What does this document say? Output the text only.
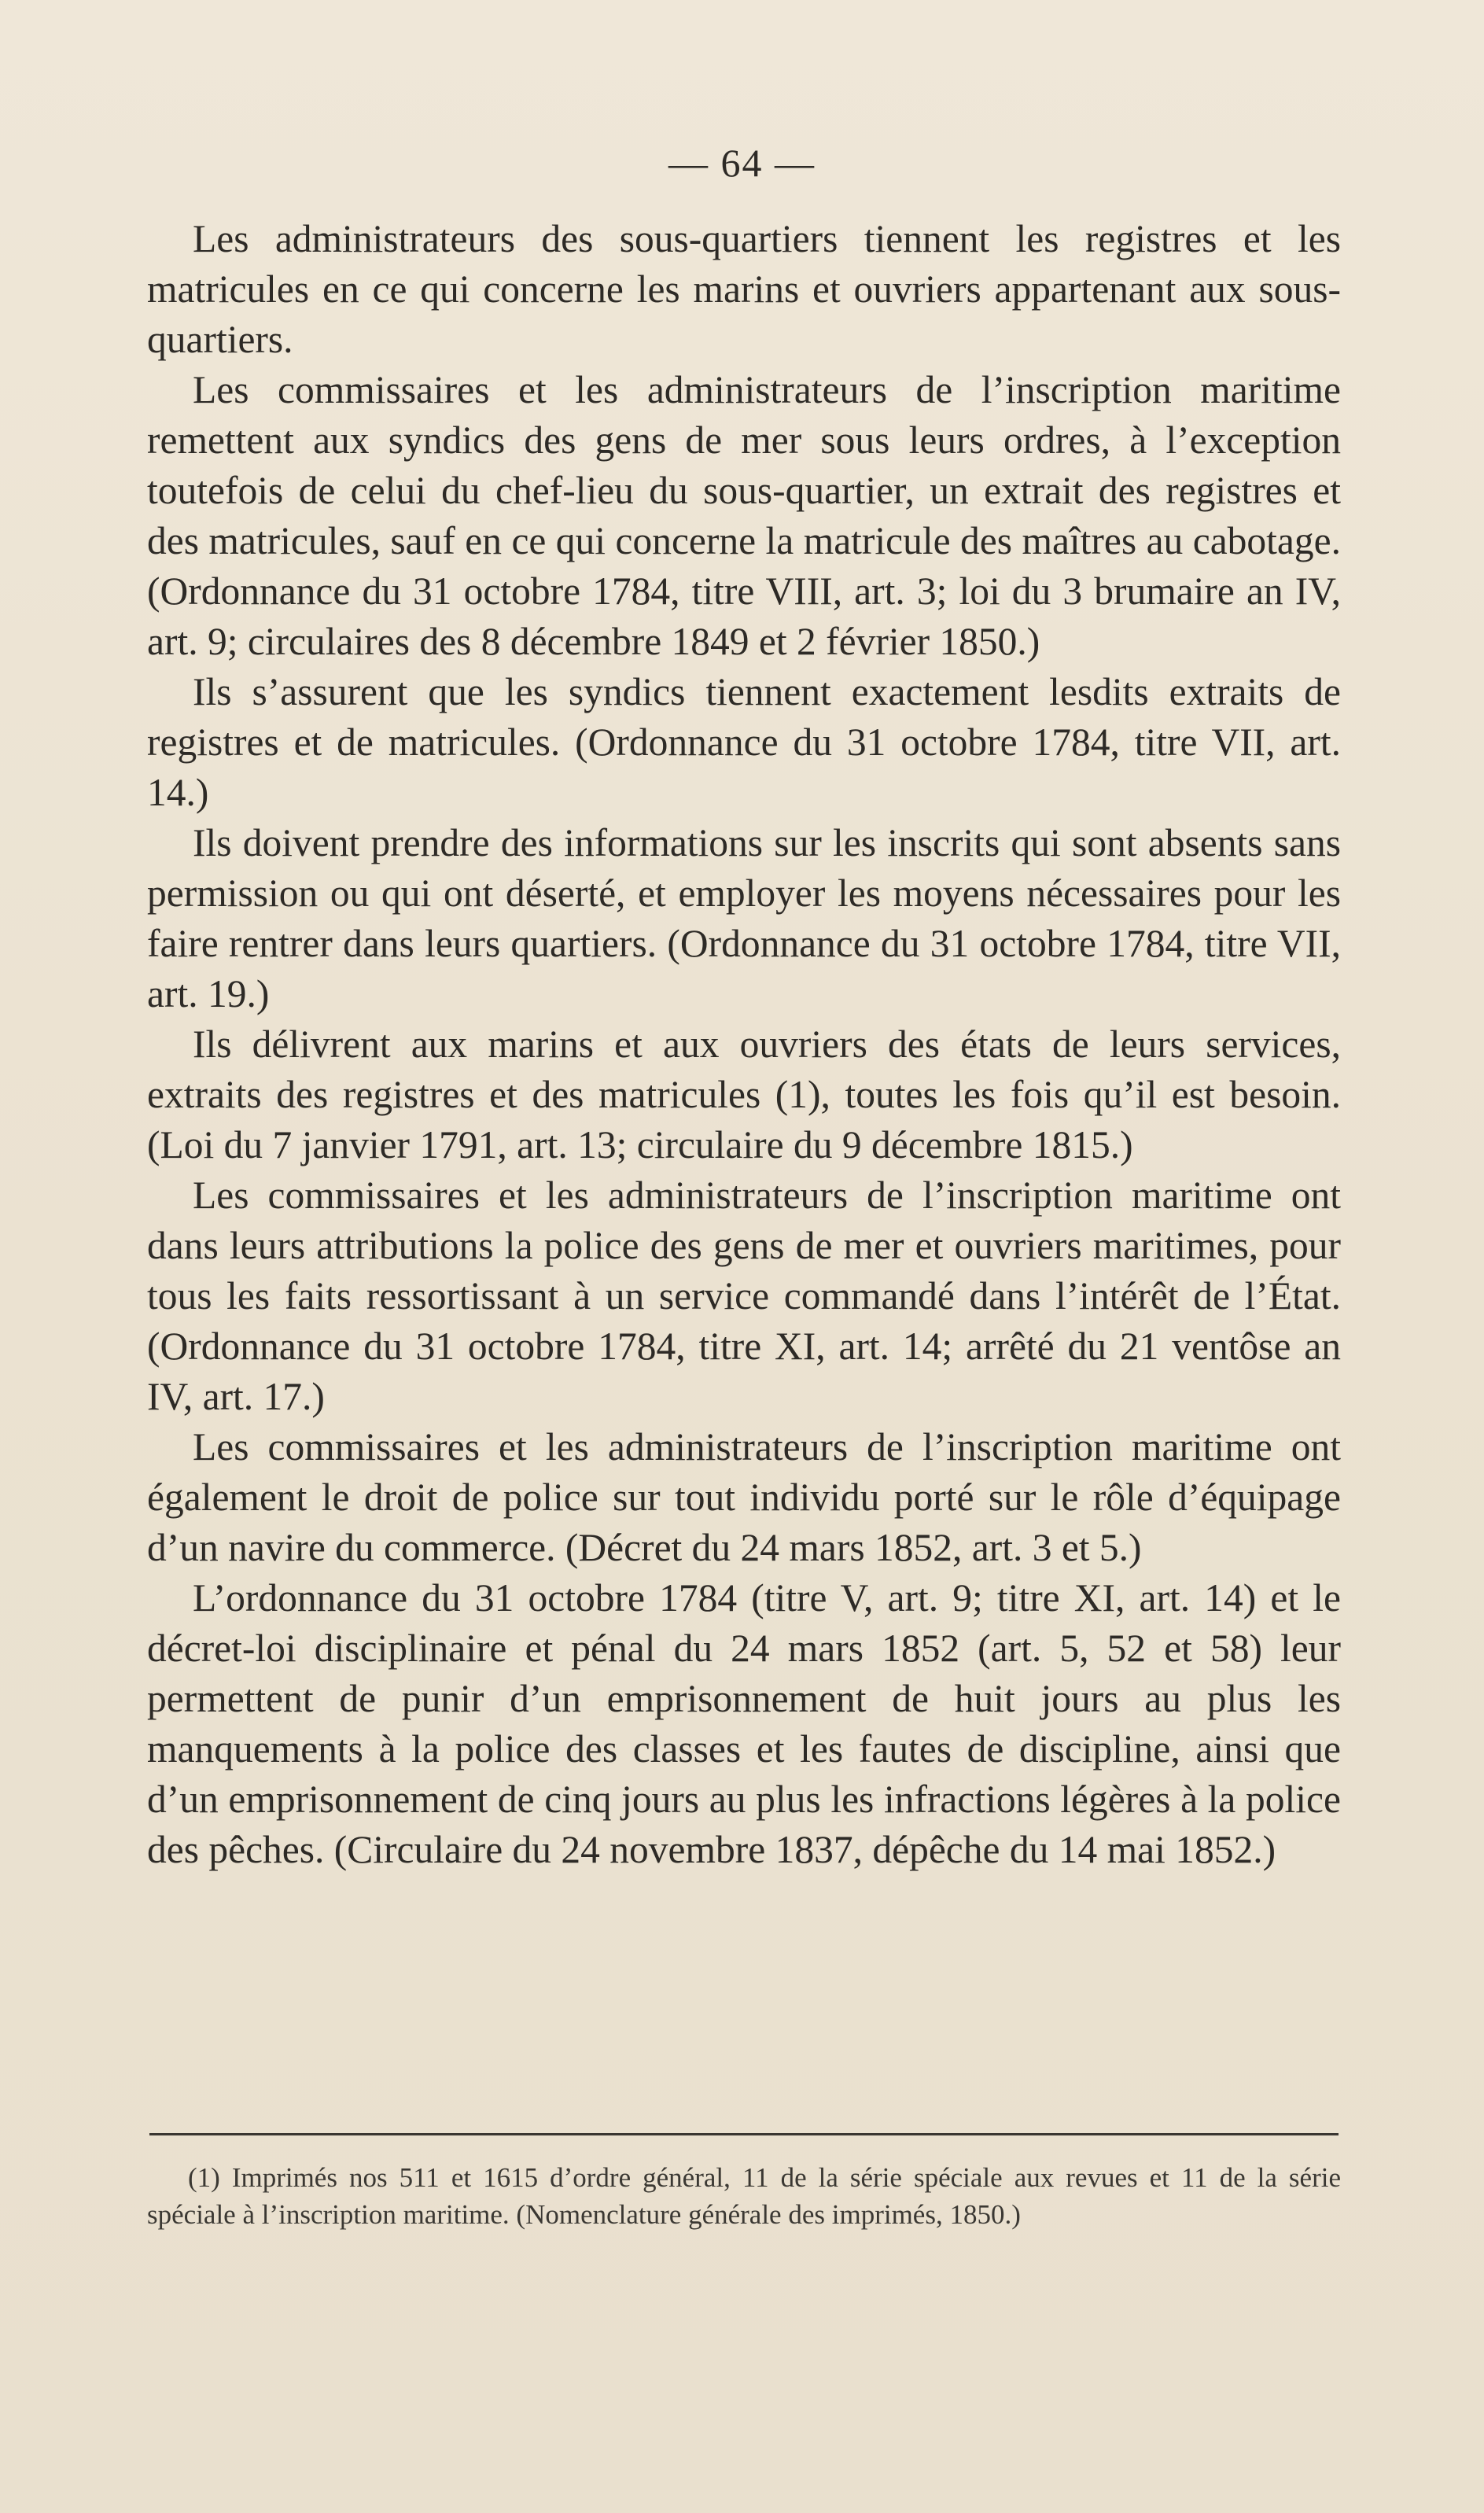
— 64 —

Les administrateurs des sous-quartiers tiennent les registres et les matricules en ce qui concerne les marins et ouvriers appartenant aux sous-quartiers.

Les commissaires et les administrateurs de l’inscription maritime remettent aux syndics des gens de mer sous leurs ordres, à l’exception toutefois de celui du chef-lieu du sous-quartier, un extrait des registres et des matricules, sauf en ce qui concerne la matricule des maîtres au cabotage. (Ordonnance du 31 octobre 1784, titre VIII, art. 3; loi du 3 brumaire an IV, art. 9; circulaires des 8 décembre 1849 et 2 février 1850.)

Ils s’assurent que les syndics tiennent exactement lesdits extraits de registres et de matricules. (Ordonnance du 31 octobre 1784, titre VII, art. 14.)

Ils doivent prendre des informations sur les inscrits qui sont absents sans permission ou qui ont déserté, et employer les moyens nécessaires pour les faire rentrer dans leurs quartiers. (Ordonnance du 31 octobre 1784, titre VII, art. 19.)

Ils délivrent aux marins et aux ouvriers des états de leurs services, extraits des registres et des matricules (1), toutes les fois qu’il est besoin. (Loi du 7 janvier 1791, art. 13; circulaire du 9 décembre 1815.)

Les commissaires et les administrateurs de l’inscription maritime ont dans leurs attributions la police des gens de mer et ouvriers maritimes, pour tous les faits ressortissant à un service commandé dans l’intérêt de l’État. (Ordonnance du 31 octobre 1784, titre XI, art. 14; arrêté du 21 ventôse an IV, art. 17.)

Les commissaires et les administrateurs de l’inscription maritime ont également le droit de police sur tout individu porté sur le rôle d’équipage d’un navire du commerce. (Décret du 24 mars 1852, art. 3 et 5.)

L’ordonnance du 31 octobre 1784 (titre V, art. 9; titre XI, art. 14) et le décret-loi disciplinaire et pénal du 24 mars 1852 (art. 5, 52 et 58) leur permettent de punir d’un emprisonnement de huit jours au plus les manquements à la police des classes et les fautes de discipline, ainsi que d’un emprisonnement de cinq jours au plus les infractions légères à la police des pêches. (Circulaire du 24 novembre 1837, dépêche du 14 mai 1852.)

(1) Imprimés nos 511 et 1615 d’ordre général, 11 de la série spéciale aux revues et 11 de la série spéciale à l’inscription maritime. (Nomenclature générale des imprimés, 1850.)
